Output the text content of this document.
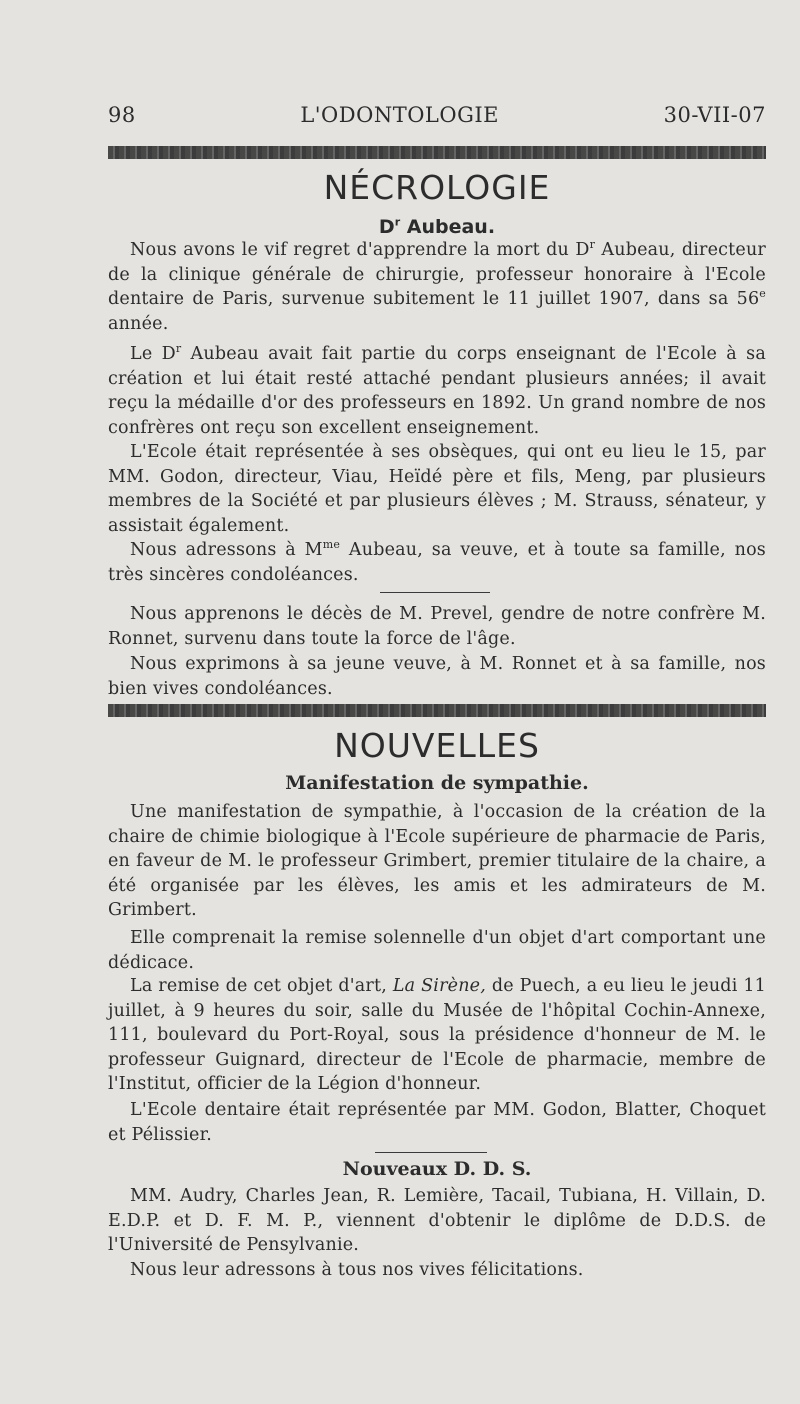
98	L'ODONTOLOGIE	30-VII-07
NÉCROLOGIE
$D^r$ Aubeau.

Nous avons le vif regret d'apprendre la mort du $D^r$ Aubeau, directeur de la clinique générale de chirurgie, professeur honoraire à l'Ecole dentaire de Paris, survenue subitement le 11 juillet 1907, dans sa 56e année.

Le $D^r$ Aubeau avait fait partie du corps enseignant de l'Ecole à sa création et lui était resté attaché pendant plusieurs années; il avait reçu la médaille d'or des professeurs en 1892. Un grand nombre de nos confrères ont reçu son excellent enseignement.

L'Ecole était représentée à ses obsèques, qui ont eu lieu le 15, par MM. Godon, directeur, Viau, Heïdé père et fils, Meng, par plusieurs membres de la Société et par plusieurs élèves ; M. Strauss, sénateur, y assistait également.

Nous adressons à $M^{me}$ Aubeau, sa veuve, et à toute sa famille, nos très sincères condoléances.

Nous apprenons le décès de M. Prevel, gendre de notre confrère M. Ronnet, survenu dans toute la force de l'âge.

Nous exprimons à sa jeune veuve, à M. Ronnet et à sa famille, nos bien vives condoléances.

NOUVELLES
Manifestation de sympathie.

Une manifestation de sympathie, à l'occasion de la création de la chaire de chimie biologique à l'Ecole supérieure de pharmacie de Paris, en faveur de M. le professeur Grimbert, premier titulaire de la chaire, a été organisée par les élèves, les amis et les admirateurs de M. Grimbert.

Elle comprenait la remise solennelle d'un objet d'art comportant une dédicace.

La remise de cet objet d'art, La Sirène, de Puech, a eu lieu le jeudi 11 juillet, à 9 heures du soir, salle du Musée de l'hôpital Cochin-Annexe, 111, boulevard du Port-Royal, sous la présidence d'honneur de M. le professeur Guignard, directeur de l'Ecole de pharmacie, membre de l'Institut, officier de la Légion d'honneur.

L'Ecole dentaire était représentée par MM. Godon, Blatter, Choquet et Pélissier.

Nouveaux D. D. S.

MM. Audry, Charles Jean, R. Lemière, Tacail, Tubiana, H. Villain, D. E.D.P. et D. F. M. P., viennent d'obtenir le diplôme de D.D.S. de l'Université de Pensylvanie.

Nous leur adressons à tous nos vives félicitations.
